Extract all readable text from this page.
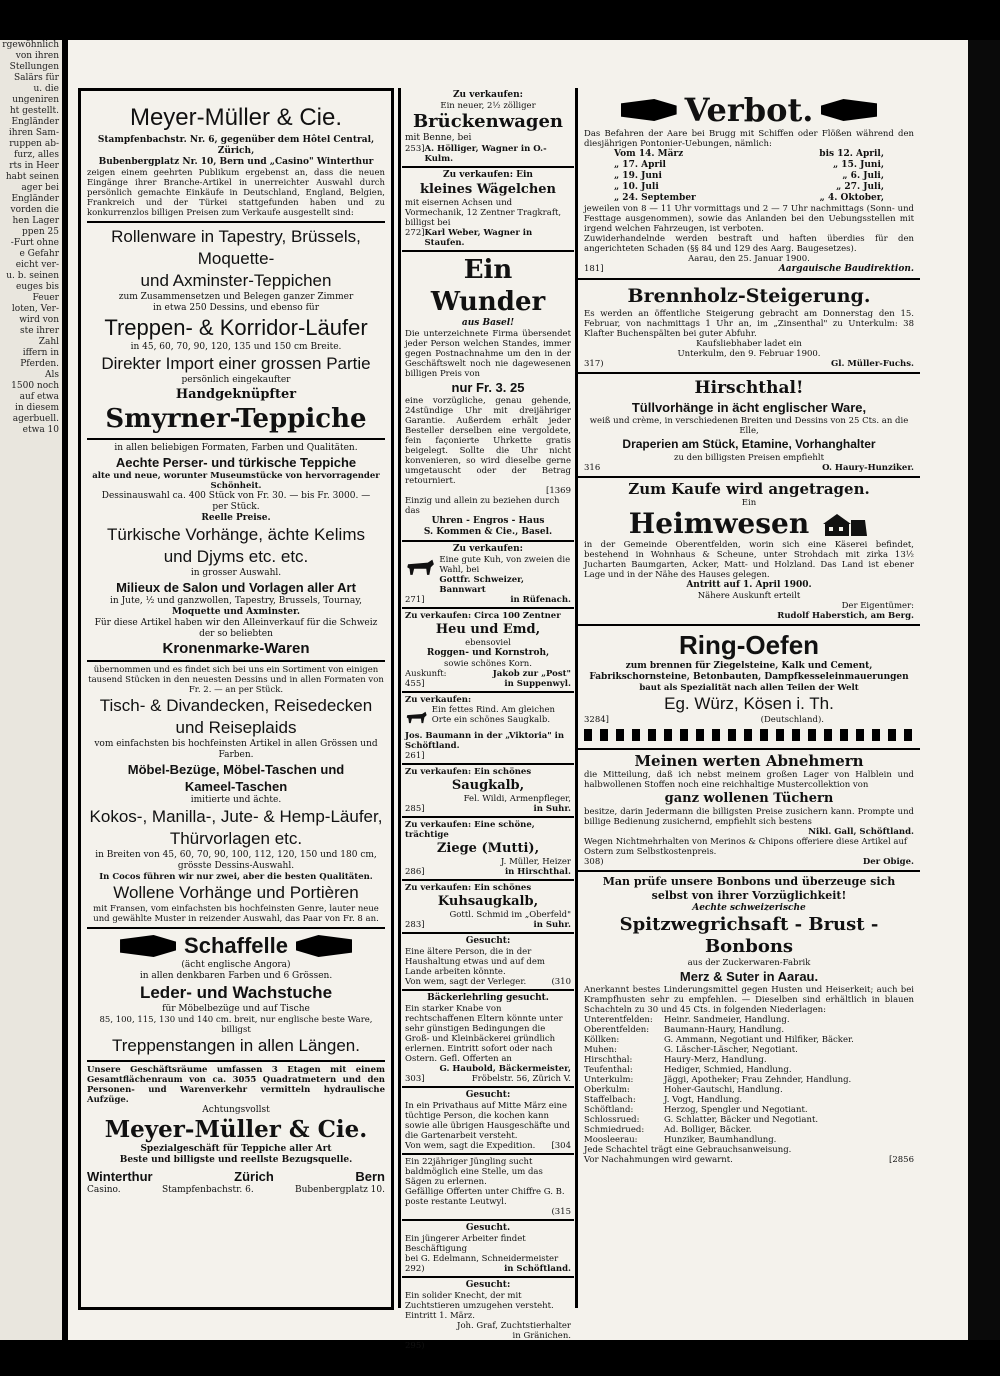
rgewöhnlich
von ihren
Stellungen
Salärs für
u. die
ungeniren
ht gestellt.
Engländer
ihren Sam-
ruppen ab-
furz, alles
rts in Heer
habt seinen
ager bei
Engländer
vorden die
hen Lager
ppen 25
-Furt ohne
e Gefahr
eicht ver-
u. b. seinen
euges bis
Feuer
loten, Ver-
wird von
ste ihrer
Zahl
iffern in
Pferden.
Als
1500 noch
auf etwa
in diesem
agerbuell.
etwa 10

Meyer-Müller & Cie.

Stampfenbachstr. Nr. 6, gegenüber dem Hôtel Central, Zürich,

Bubenbergplatz Nr. 10, Bern und „Casino" Winterthur

zeigen einem geehrten Publikum ergebenst an, dass die neuen Eingänge ihrer Branche-Artikel in unerreichter Auswahl durch persönlich gemachte Einkäufe in Deutschland, England, Belgien, Frankreich und der Türkei stattgefunden haben und zu konkurrenzlos billigen Preisen zum Verkaufe ausgestellt sind:

Rollenware in Tapestry, Brüssels, Moquette-

und Axminster-Teppichen

zum Zusammensetzen und Belegen ganzer Zimmer

in etwa 250 Dessins, und ebenso für

Treppen- & Korridor-Läufer

in 45, 60, 70, 90, 120, 135 und 150 cm Breite.

Direkter Import einer grossen Partie

persönlich eingekaufter

Handgeknüpfter

Smyrner-Teppiche

in allen beliebigen Formaten, Farben und Qualitäten.

Aechte Perser- und türkische Teppiche

alte und neue, worunter Museumstücke von hervorragender Schönheit.

Dessinauswahl ca. 400 Stück von Fr. 30. — bis Fr. 3000. —

per Stück.

Reelle Preise.

Türkische Vorhänge, ächte Kelims

und Djyms etc. etc.

in grosser Auswahl.

Milieux de Salon und Vorlagen aller Art

in Jute, ½ und ganzwollen, Tapestry, Brussels, Tournay,

Moquette und Axminster.

Für diese Artikel haben wir den Alleinverkauf für die Schweiz

der so beliebten

Kronenmarke-Waren

übernommen und es findet sich bei uns ein Sortiment von einigen tausend Stücken in den neuesten Dessins und in allen Formaten von Fr. 2. — an per Stück.

Tisch- & Divandecken, Reisedecken

und Reiseplaids

vom einfachsten bis hochfeinsten Artikel in allen Grössen und Farben.

Möbel-Bezüge, Möbel-Taschen und

Kameel-Taschen

imitierte und ächte.

Kokos-, Manilla-, Jute- & Hemp-Läufer,

Thürvorlagen etc.

in Breiten von 45, 60, 70, 90, 100, 112, 120, 150 und 180 cm,

grösste Dessins-Auswahl.

In Cocos führen wir nur zwei, aber die besten Qualitäten.

Wollene Vorhänge und Portièren

mit Fransen, vom einfachsten bis hochfeinsten Genre, lauter neue und gewählte Muster in reizender Auswahl, das Paar von Fr. 8 an.

Schaffelle

(ächt englische Angora)

in allen denkbaren Farben und 6 Grössen.

Leder- und Wachstuche

für Möbelbezüge und auf Tische

85, 100, 115, 130 und 140 cm. breit, nur englische beste Ware, billigst

Treppenstangen in allen Längen.

Unsere Geschäftsräume umfassen 3 Etagen mit einem Gesamtflächenraum von ca. 3055 Quadratmetern und den Personen- und Warenverkehr vermitteln hydraulische Aufzüge.

Achtungsvollst

Meyer-Müller & Cie.

Spezialgeschäft für Teppiche aller Art

Beste und billigste und reellste Bezugsquelle.

Winterthur	Zürich	Bern
Casino.	Stampfenbachstr. 6.	Bubenbergplatz 10.

Zu verkaufen:

Ein neuer, 2½ zölliger

Brückenwagen

mit Benne, bei

253] A. Hölliger, Wagner in O.-Kulm.

Zu verkaufen: Ein

kleines Wägelchen

mit eisernen Achsen und Vormechanik, 12 Zentner Tragkraft, billigst bei

272] Karl Weber, Wagner in Staufen.

Ein Wunder

aus Basel!

Die unterzeichnete Firma übersendet jeder Person welchen Standes, immer gegen Postnachnahme um den in der Geschäftswelt noch nie dagewesenen billigen Preis von

nur Fr. 3. 25

eine vorzügliche, genau gehende, 24stündige Uhr mit dreijähriger Garantie. Außerdem erhält jeder Besteller derselben eine vergoldete, fein façonierte Uhrkette gratis beigelegt. Sollte die Uhr nicht konvenieren, so wird dieselbe gerne umgetauscht oder der Betrag retourniert.

[1369

Einzig und allein zu beziehen durch das

Uhren - Engros - Haus

S. Kommen & Cie., Basel.

Zu verkaufen:

Eine gute Kuh, von zweien die Wahl, bei

Gottfr. Schweizer, Bannwart

271]	in Rüfenach.

Zu verkaufen: Circa 100 Zentner

Heu und Emd,

ebensoviel

Roggen- und Kornstroh,

sowie schönes Korn.

Auskunft:	Jakob zur „Post"
455]	in Suppenwyl.

Zu verkaufen:

Ein fettes Rind. Am gleichen Orte ein schönes Saugkalb.

Jos. Baumann in der „Viktoria" in Schöftland.

261]

Zu verkaufen: Ein schönes

Saugkalb,

Fel. Wildi, Armenpfleger,

285]	in Suhr.

Zu verkaufen: Eine schöne, trächtige

Ziege (Mutti),

J. Müller, Heizer

286]	in Hirschthal.

Zu verkaufen: Ein schönes

Kuhsaugkalb,

Gottl. Schmid im „Oberfeld"

283]	in Suhr.

Gesucht:

Eine ältere Person, die in der Haushaltung etwas und auf dem Lande arbeiten könnte.

Von wem, sagt der Verleger.	(310

Bäckerlehrling gesucht.

Ein starker Knabe von rechtschaffenen Eltern könnte unter sehr günstigen Bedingungen die Groß- und Kleinbäckerei gründlich erlernen. Eintritt sofort oder nach Ostern. Gefl. Offerten an

G. Haubold, Bäckermeister,

303]	Fröbelstr. 56, Zürich V.

Gesucht:

In ein Privathaus auf Mitte März eine tüchtige Person, die kochen kann sowie alle übrigen Hausgeschäfte und die Gartenarbeit versteht.

Von wem, sagt die Expedition. [304

Ein 22jähriger Jüngling sucht baldmöglich eine Stelle, um das Sägen zu erlernen.

Gefällige Offerten unter Chiffre G. B. poste restante Leutwyl.

(315

Gesucht.

Ein jüngerer Arbeiter findet Beschäftigung

bei G. Edelmann, Schneidermeister

292)	in Schöftland.

Gesucht:

Ein solider Knecht, der mit Zuchtstieren umzugehen versteht. Eintritt 1. März.

Joh. Graf, Zuchtstierhalter

in Gränichen.

295)

Verbot.

Das Befahren der Aare bei Brugg mit Schiffen oder Flößen während den diesjährigen Pontonier-Uebungen, nämlich:

Vom 14. März	bis 12. April,
„ 17. April	„ 15. Juni,
„ 19. Juni	„ 6. Juli,
„ 10. Juli	„ 27. Juli,
„ 24. September	„ 4. Oktober,

jeweilen von 8 — 11 Uhr vormittags und 2 — 7 Uhr nachmittags (Sonn- und Festtage ausgenommen), sowie das Anlanden bei den Uebungsstellen mit irgend welchen Fahrzeugen, ist verboten.

Zuwiderhandelnde werden bestraft und haften überdies für den angerichteten Schaden (§§ 84 und 129 des Aarg. Baugesetzes).

Aarau, den 25. Januar 1900.

181]	Aargauische Baudirektion.

Brennholz-Steigerung.

Es werden an öffentliche Steigerung gebracht am Donnerstag den 15. Februar, von nachmittags 1 Uhr an, im „Zinsenthal" zu Unterkulm: 38 Klafter Buchenspälten bei guter Abfuhr.

Kaufsliebhaber ladet ein

Unterkulm, den 9. Februar 1900.

317)	Gl. Müller-Fuchs.

Hirschthal!

Tüllvorhänge in ächt englischer Ware,

weiß und crème, in verschiedenen Breiten und Dessins von 25 Cts. an die Elle,

Draperien am Stück, Etamine, Vorhanghalter

zu den billigsten Preisen empfiehlt

316	O. Haury-Hunziker.

Zum Kaufe wird angetragen.

Ein

Heimwesen

in der Gemeinde Oberentfelden, worin sich eine Käserei befindet, bestehend in Wohnhaus & Scheune, unter Strohdach mit zirka 13½ Jucharten Baumgarten, Acker, Matt- und Holzland. Das Land ist ebener Lage und in der Nähe des Hauses gelegen.

Antritt auf 1. April 1900.

Nähere Auskunft erteilt

Der Eigentümer:

Rudolf Haberstich, am Berg.

Ring-Oefen

zum brennen für Ziegelsteine, Kalk und Cement,

Fabrikschornsteine, Betonbauten, Dampfkesseleinmauerungen

baut als Spezialität nach allen Teilen der Welt

Eg. Würz, Kösen i. Th.

3284]	(Deutschland).

Meinen werten Abnehmern

die Mitteilung, daß ich nebst meinem großen Lager von Halblein und halbwollenen Stoffen noch eine reichhaltige Mustercollektion von

ganz wollenen Tüchern

besitze, darin Jedermann die billigsten Preise zusichern kann. Prompte und billige Bedienung zusichernd, empfiehlt sich bestens

Nikl. Gall, Schöftland.

Wegen Nichtmehrhalten von Merinos & Chipons offeriere diese Artikel auf Ostern zum Selbstkostenpreis.

308)	Der Obige.

Man prüfe unsere Bonbons und überzeuge sich selbst von ihrer Vorzüglichkeit!

Aechte schweizerische

Spitzwegrichsaft - Brust - Bonbons

aus der Zuckerwaren-Fabrik

Merz & Suter in Aarau.

Anerkannt bestes Linderungsmittel gegen Husten und Heiserkeit; auch bei Krampfhusten sehr zu empfehlen. — Dieselben sind erhältlich in blauen Schachteln zu 30 und 45 Cts. in folgenden Niederlagen:

Unterentfelden:	Heinr. Sandmeier, Handlung.
Oberentfelden:	Baumann-Haury, Handlung.
Köllken:	G. Ammann, Negotiant und Hilfiker, Bäcker.
Muhen:	G. Läscher-Läscher, Negotiant.
Hirschthal:	Haury-Merz, Handlung.
Teufenthal:	Hediger, Schmied, Handlung.
Unterkulm:	Jäggi, Apotheker; Frau Zehnder, Handlung.
Oberkulm:	Hoher-Gautschi, Handlung.
Staffelbach:	J. Vogt, Handlung.
Schöftland:	Herzog, Spengler und Negotiant.
Schlossrued:	G. Schlatter, Bäcker und Negotiant.
Schmiedrued:	Ad. Bolliger, Bäcker.
Moosleerau:	Hunziker, Baumhandlung.

Jede Schachtel trägt eine Gebrauchsanweisung.

Vor Nachahmungen wird gewarnt.	[2856
